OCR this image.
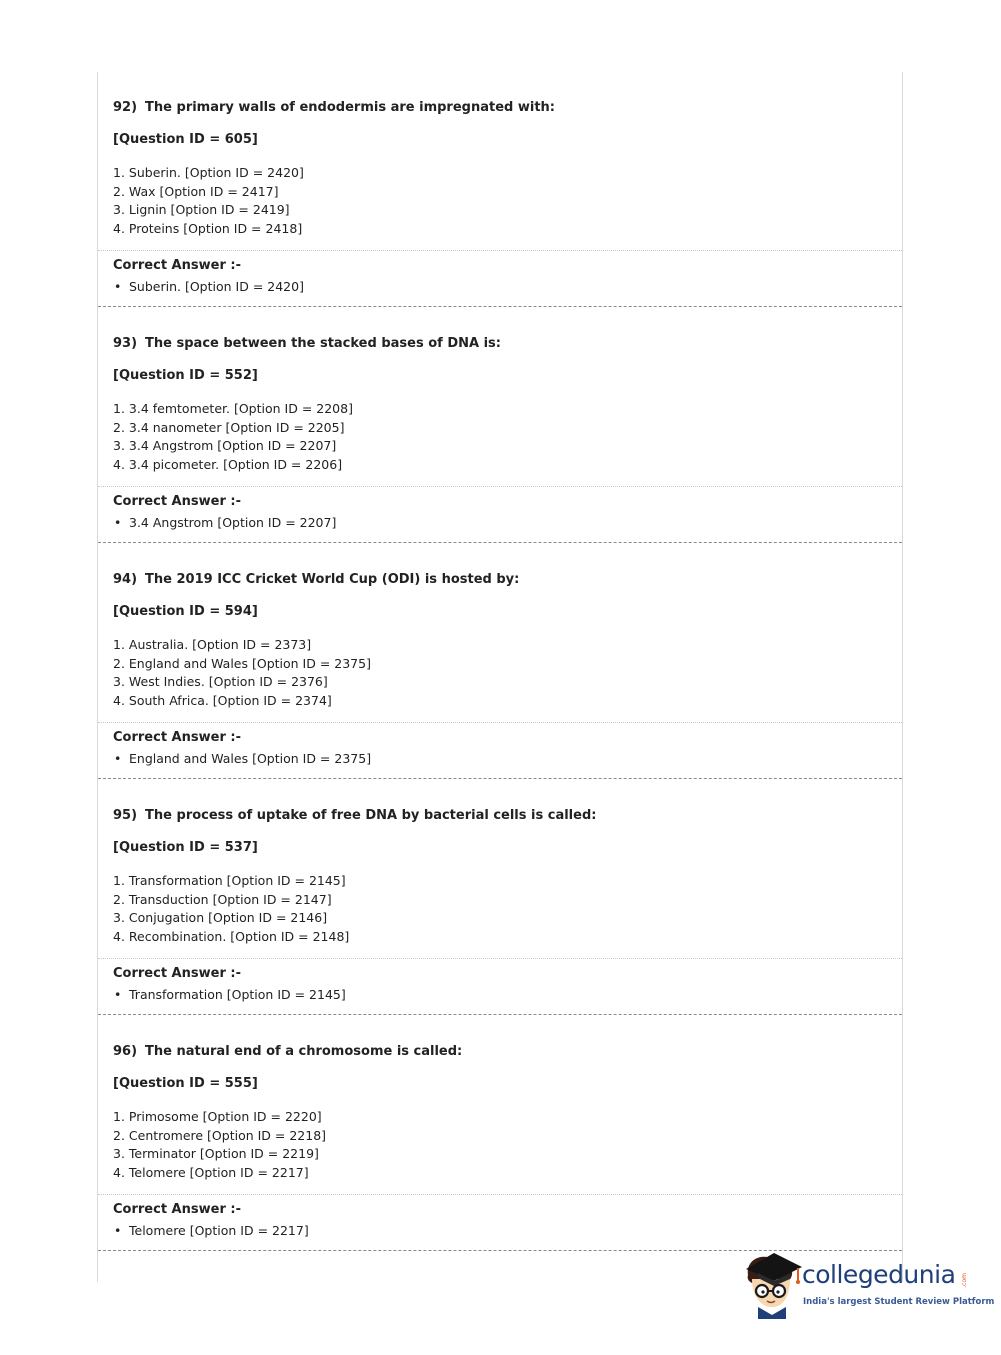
92) The primary walls of endodermis are impregnated with:

[Question ID = 605]

1. Suberin. [Option ID = 2420]
2. Wax [Option ID = 2417]
3. Lignin [Option ID = 2419]
4. Proteins [Option ID = 2418]

Correct Answer :-

• Suberin. [Option ID = 2420]

93) The space between the stacked bases of DNA is:

[Question ID = 552]

1. 3.4 femtometer. [Option ID = 2208]
2. 3.4 nanometer [Option ID = 2205]
3. 3.4 Angstrom [Option ID = 2207]
4. 3.4 picometer. [Option ID = 2206]

Correct Answer :-

• 3.4 Angstrom [Option ID = 2207]

94) The 2019 ICC Cricket World Cup (ODI) is hosted by:

[Question ID = 594]

1. Australia. [Option ID = 2373]
2. England and Wales [Option ID = 2375]
3. West Indies. [Option ID = 2376]
4. South Africa. [Option ID = 2374]

Correct Answer :-

• England and Wales [Option ID = 2375]

95) The process of uptake of free DNA by bacterial cells is called:

[Question ID = 537]

1. Transformation [Option ID = 2145]
2. Transduction [Option ID = 2147]
3. Conjugation [Option ID = 2146]
4. Recombination. [Option ID = 2148]

Correct Answer :-

• Transformation [Option ID = 2145]

96) The natural end of a chromosome is called:

[Question ID = 555]

1. Primosome [Option ID = 2220]
2. Centromere [Option ID = 2218]
3. Terminator [Option ID = 2219]
4. Telomere [Option ID = 2217]

Correct Answer :-

• Telomere [Option ID = 2217]

collegedunia .com
India's largest Student Review Platform
